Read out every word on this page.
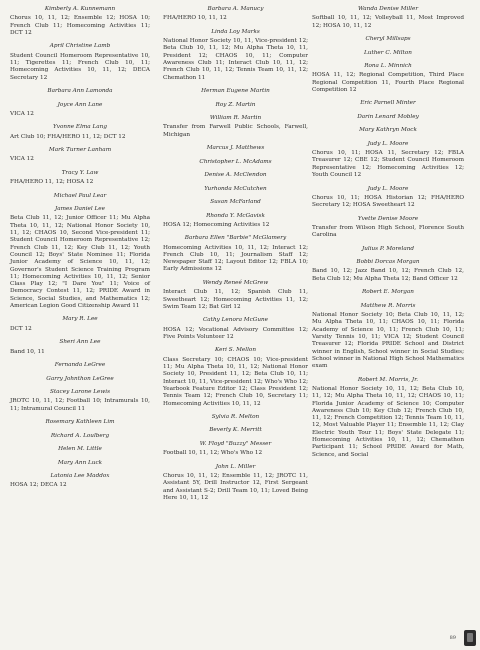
Kimberly A. Kunnemann
Chorus 10, 11, 12; Ensemble 12; HOSA 10; French Club 11; Homecoming Activities 11; DCT 12
April Christine Lamb
Student Council Homeroom Representative 10, 11; Tigerettes 11; French Club 10, 11; Homecoming Activities 10, 11, 12; DECA Secretary 12
Barbara Ann Lamonda
Joyce Ann Lane
VICA 12
Yvonne Elma Lang
Art Club 10; FHA/HERO 11, 12; DCT 12
Mark Turner Lanham
VICA 12
Tracy Y. Law
FHA/HERO 11, 12; HOSA 12
Michael Paul Lear
James Daniel Lee
Beta Club 11, 12; Junior Officer 11; Mu Alpha Theta 10, 11, 12; National Honor Society 10, 11, 12; CHAOS 10, Second Vice-president 11; Student Council Homeroom Representative 12; French Club 11, 12; Key Club 11, 12; Youth Council 12; Boys' State Nominee 11; Florida Junior Academy of Science 10, 11, 12; Governor's Student Science Training Program 11; Homecoming Activities 10, 11, 12; Senior Class Play 12; "I Dare You" 11; Voice of Democracy Contest 11, 12; PRIDE Award in Science, Social Studies, and Mathematics 12; American Legion Good Citizenship Award 11
Mary R. Lee
DCT 12
Sheri Ann Lee
Band 10, 11
Fernanda LeGree
Garry Johnthon LeGree
Stacey Larone Lewis
JROTC 10, 11, 12; Football 10; Intramurals 10, 11; Intramural Council 11
Rosemary Kathleen Lim
Richard A. Loulberg
Helen M. Little
Mary Ann Luck
Latonia Lee Maddox
HOSA 12; DECA 12
Barbara A. Manucy
FHA/HERO 10, 11, 12
Linda Loy Marks
National Honor Society 10, 11, Vice-president 12; Beta Club 10, 11, 12; Mu Alpha Theta 10, 11, President 12; CHAOS 10, 11; Computer Awareness Club 11; Interact Club 10, 11, 12; French Club 10, 11, 12; Tennis Team 10, 11, 12; Chemathon 11
Herman Eugene Martin
Roy Z. Martin
William R. Martin
Transfer from Farwell Public Schools, Farwell, Michigan
Marcus J. Matthews
Christopher L. McAdams
Denise A. McClendon
Yurhonda McCutchen
Susan McFarland
Rhonda Y. McGavisk
HOSA 12; Homecoming Activities 12
Barbara Ellen "Barbie" McGlamery
Homecoming Activities 10, 11, 12; Interact 12; French Club 10, 11; Journalism Staff 12; Newspaper Staff 12; Layout Editor 12; FBLA 10; Early Admissions 12
Wendy Reneé McGrew
Interact Club 11, 12; Spanish Club 11, Sweetheart 12; Homecoming Activities 11, 12; Swim Team 12; Bat Girl 12
Cathy Lenora McGune
HOSA 12; Vocational Advisory Committee 12; Five Points Volunteer 12
Keri S. Mellon
Class Secretary 10; CHAOS 10; Vice-president 11; Mu Alpha Theta 10, 11, 12; National Honor Society 10, President 11, 12; Beta Club 10, 11; Interact 10, 11, Vice-president 12; Who's Who 12; Yearbook Feature Editor 12; Class President 12; Tennis Team 12; French Club 10, Secretary 11; Homecoming Activities 10, 11, 12
Sylvia R. Melton
Beverly K. Merritt
W. Floyd "Buzzy" Messer
Football 10, 11, 12; Who's Who 12
John L. Miller
Chorus 10, 11, 12; Ensemble 11, 12; JROTC 11, Assistant 5Y, Drill Instructor 12, First Sergeant and Assistant S-2; Drill Team 10, 11; Loved Being Here 10, 11, 12
Wanda Denise Miller
Softball 10, 11, 12; Volleyball 11, Most Improved 12; HOSA 10, 11, 12
Cheryl Millsaps
Luther C. Milton
Rona L. Minnich
HOSA 11, 12; Regional Competition, Third Place Regional Competition 11, Fourth Place Regional Competition 12
Eric Parnell Minter
Darin Lenard Mobley
Mary Kathryn Mock
Judy L. Moore
Chorus 10, 11; HOSA 11, Secretary 12; FBLA Treasurer 12; CBE 12; Student Council Homeroom Representative 12; Homecoming Activities 12; Youth Council 12
Judy L. Moore
Chorus 10, 11; HOSA Historian 12; FHA/HERO Secretary 12; HOSA Sweetheart 12
Yvette Denise Moore
Transfer from Wilson High School, Florence South Carolina
Julius P. Moreland
Bobbi Dorcas Morgan
Band 10, 12; Jazz Band 10, 12; French Club 12, Beta Club 12; Mu Alpha Theta 12; Band Officer 12
Robert E. Morgan
Matthew R. Morris
National Honor Society 10; Beta Club 10, 11, 12; Mu Alpha Theta 10, 11; CHAOS 10, 11; Florida Academy of Science 10, 11; French Club 10, 11; Varsity Tennis 10, 11; VICA 12; Student Council Treasurer 12; Florida PRIDE School and District winner in English, School winner in Social Studies; School winner in National High School Mathematics exam
Robert M. Morris, Jr.
National Honor Society 10, 11, 12; Beta Club 10, 11, 12; Mu Alpha Theta 10, 11, 12; CHAOS 10, 11; Florida Junior Academy of Science 10; Computer Awareness Club 10; Key Club 12; French Club 10, 11, 12; French Competition 12; Tennis Team 10, 11, 12, Most Valuable Player 11; Ensemble 11, 12; Clay Electric Youth Tour 11; Boys' State Delegate 11; Homecoming Activities 10, 11, 12; Chemathon Participant 11; School PRIDE Award for Math, Science, and Social
89
